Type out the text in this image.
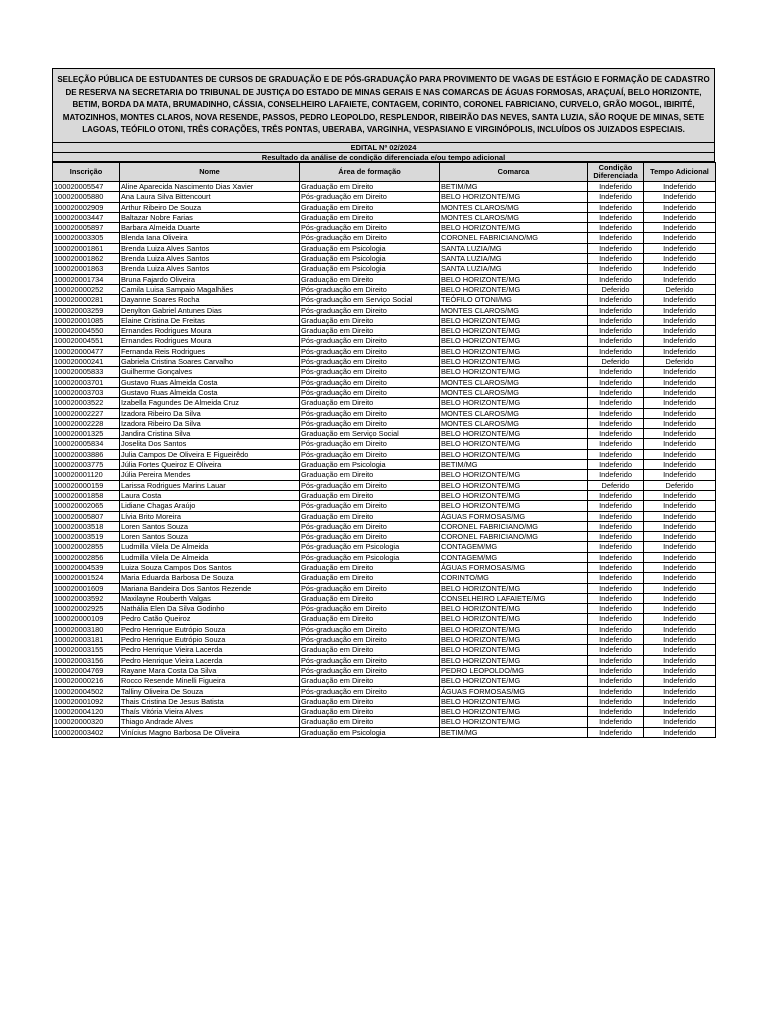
SELEÇÃO PÚBLICA DE ESTUDANTES DE CURSOS DE GRADUAÇÃO E DE PÓS-GRADUAÇÃO PARA PROVIMENTO DE VAGAS DE ESTÁGIO E FORMAÇÃO DE CADASTRO DE RESERVA NA SECRETARIA DO TRIBUNAL DE JUSTIÇA DO ESTADO DE MINAS GERAIS E NAS COMARCAS DE ÁGUAS FORMOSAS, ARAÇUAÍ, BELO HORIZONTE, BETIM, BORDA DA MATA, BRUMADINHO, CÁSSIA, CONSELHEIRO LAFAIETE, CONTAGEM, CORINTO, CORONEL FABRICIANO, CURVELO, GRÃO MOGOL, IBIRITÉ, MATOZINHOS, MONTES CLAROS, NOVA RESENDE, PASSOS, PEDRO LEOPOLDO, RESPLENDOR, RIBEIRÃO DAS NEVES, SANTA LUZIA, SÃO ROQUE DE MINAS, SETE LAGOAS, TEÓFILO OTONI, TRÊS CORAÇÕES, TRÊS PONTAS, UBERABA, VARGINHA, VESPASIANO E VIRGINÓPOLIS, INCLUÍDOS OS JUIZADOS ESPECIAIS.
EDITAL Nº 02/2024
Resultado da análise de condição diferenciada e/ou tempo adicional
Inscrição	Nome	Área de formação	Comarca	Condição Diferenciada	Tempo Adicional
100020005547	Aline Aparecida Nascimento Dias Xavier	Graduação em Direito	BETIM/MG	Indeferido	Indeferido
100020005880	Ana Laura Silva Bittencourt	Pós-graduação em Direito	BELO HORIZONTE/MG	Indeferido	Indeferido
100020002909	Arthur Ribeiro De Souza	Graduação em Direito	MONTES CLAROS/MG	Indeferido	Indeferido
100020003447	Baltazar Nobre Farias	Graduação em Direito	MONTES CLAROS/MG	Indeferido	Indeferido
100020005897	Barbara Almeida Duarte	Pós-graduação em Direito	BELO HORIZONTE/MG	Indeferido	Indeferido
100020003305	Blenda Iana Oliveira	Pós-graduação em Direito	CORONEL FABRICIANO/MG	Indeferido	Indeferido
100020001861	Brenda Luiza Alves Santos	Graduação em Psicologia	SANTA LUZIA/MG	Indeferido	Indeferido
100020001862	Brenda Luiza Alves Santos	Graduação em Psicologia	SANTA LUZIA/MG	Indeferido	Indeferido
100020001863	Brenda Luiza Alves Santos	Graduação em Psicologia	SANTA LUZIA/MG	Indeferido	Indeferido
100020001734	Bruna Fajardo Oliveira	Graduação em Direito	BELO HORIZONTE/MG	Indeferido	Indeferido
100020000252	Camila Luisa Sampaio Magalhães	Pós-graduação em Direito	BELO HORIZONTE/MG	Deferido	Deferido
100020000281	Dayanne Soares Rocha	Pós-graduação em Serviço Social	TEÓFILO OTONI/MG	Indeferido	Indeferido
100020003259	Denylton Gabriel Antunes Dias	Pós-graduação em Direito	MONTES CLAROS/MG	Indeferido	Indeferido
100020001085	Elaine Cristina De Freitas	Graduação em Direito	BELO HORIZONTE/MG	Indeferido	Indeferido
100020004550	Ernandes Rodrigues Moura	Graduação em Direito	BELO HORIZONTE/MG	Indeferido	Indeferido
100020004551	Ernandes Rodrigues Moura	Pós-graduação em Direito	BELO HORIZONTE/MG	Indeferido	Indeferido
100020000477	Fernanda Reis Rodrigues	Pós-graduação em Direito	BELO HORIZONTE/MG	Indeferido	Indeferido
100020000241	Gabriela Cristina Soares Carvalho	Pós-graduação em Direito	BELO HORIZONTE/MG	Deferido	Deferido
100020005833	Guilherme Gonçalves	Pós-graduação em Direito	BELO HORIZONTE/MG	Indeferido	Indeferido
100020003701	Gustavo Ruas Almeida Costa	Pós-graduação em Direito	MONTES CLAROS/MG	Indeferido	Indeferido
100020003703	Gustavo Ruas Almeida Costa	Pós-graduação em Direito	MONTES CLAROS/MG	Indeferido	Indeferido
100020003522	Izabella Fagundes De Almeida Cruz	Graduação em Direito	BELO HORIZONTE/MG	Indeferido	Indeferido
100020002227	Izadora Ribeiro Da Silva	Pós-graduação em Direito	MONTES CLAROS/MG	Indeferido	Indeferido
100020002228	Izadora Ribeiro Da Silva	Pós-graduação em Direito	MONTES CLAROS/MG	Indeferido	Indeferido
100020001325	Jandira Cristina Silva	Graduação em Serviço Social	BELO HORIZONTE/MG	Indeferido	Indeferido
100020005834	Joselita Dos Santos	Pós-graduação em Direito	BELO HORIZONTE/MG	Indeferido	Indeferido
100020003886	Julia Campos De Oliveira E Figueirêdo	Pós-graduação em Direito	BELO HORIZONTE/MG	Indeferido	Indeferido
100020003775	Júlia Fortes Queiroz E Oliveira	Graduação em Psicologia	BETIM/MG	Indeferido	Indeferido
100020001120	Júlia Pereira Mendes	Graduação em Direito	BELO HORIZONTE/MG	Indeferido	Indeferido
100020000159	Larissa Rodrigues Marins Lauar	Pós-graduação em Direito	BELO HORIZONTE/MG	Deferido	Deferido
100020001858	Laura Costa	Graduação em Direito	BELO HORIZONTE/MG	Indeferido	Indeferido
100020002065	Lidiane Chagas Araújo	Pós-graduação em Direito	BELO HORIZONTE/MG	Indeferido	Indeferido
100020005807	Lívia Brito Moreira	Graduação em Direito	ÁGUAS FORMOSAS/MG	Indeferido	Indeferido
100020003518	Loren Santos Souza	Pós-graduação em Direito	CORONEL FABRICIANO/MG	Indeferido	Indeferido
100020003519	Loren Santos Souza	Pós-graduação em Direito	CORONEL FABRICIANO/MG	Indeferido	Indeferido
100020002855	Ludmilla Vilela De Almeida	Pós-graduação em Psicologia	CONTAGEM/MG	Indeferido	Indeferido
100020002856	Ludmilla Vilela De Almeida	Pós-graduação em Psicologia	CONTAGEM/MG	Indeferido	Indeferido
100020004539	Luiza Souza Campos Dos Santos	Graduação em Direito	ÁGUAS FORMOSAS/MG	Indeferido	Indeferido
100020001524	Maria Eduarda Barbosa De Souza	Graduação em Direito	CORINTO/MG	Indeferido	Indeferido
100020001609	Mariana Bandeira Dos Santos Rezende	Pós-graduação em Direito	BELO HORIZONTE/MG	Indeferido	Indeferido
100020003592	Maxilayne Rouberth Valgas	Graduação em Direito	CONSELHEIRO LAFAIETE/MG	Indeferido	Indeferido
100020002925	Nathália Elen Da Silva Godinho	Pós-graduação em Direito	BELO HORIZONTE/MG	Indeferido	Indeferido
100020000109	Pedro Catão Queiroz	Graduação em Direito	BELO HORIZONTE/MG	Indeferido	Indeferido
100020003180	Pedro Henrique Eutrópio Souza	Pós-graduação em Direito	BELO HORIZONTE/MG	Indeferido	Indeferido
100020003181	Pedro Henrique Eutrópio Souza	Pós-graduação em Direito	BELO HORIZONTE/MG	Indeferido	Indeferido
100020003155	Pedro Henrique Vieira Lacerda	Graduação em Direito	BELO HORIZONTE/MG	Indeferido	Indeferido
100020003156	Pedro Henrique Vieira Lacerda	Pós-graduação em Direito	BELO HORIZONTE/MG	Indeferido	Indeferido
100020004769	Rayane Mara Costa Da Silva	Pós-graduação em Direito	PEDRO LEOPOLDO/MG	Indeferido	Indeferido
100020000216	Rocco Resende Minelli Figueira	Graduação em Direito	BELO HORIZONTE/MG	Indeferido	Indeferido
100020004502	Talliny Oliveira De Souza	Pós-graduação em Direito	ÁGUAS FORMOSAS/MG	Indeferido	Indeferido
100020001092	Thais Cristina De Jesus Batista	Graduação em Direito	BELO HORIZONTE/MG	Indeferido	Indeferido
100020004120	Thaís Vitória Vieira Alves	Graduação em Direito	BELO HORIZONTE/MG	Indeferido	Indeferido
100020000320	Thiago Andrade Alves	Graduação em Direito	BELO HORIZONTE/MG	Indeferido	Indeferido
100020003402	Vinícius Magno Barbosa De Oliveira	Graduação em Psicologia	BETIM/MG	Indeferido	Indeferido
